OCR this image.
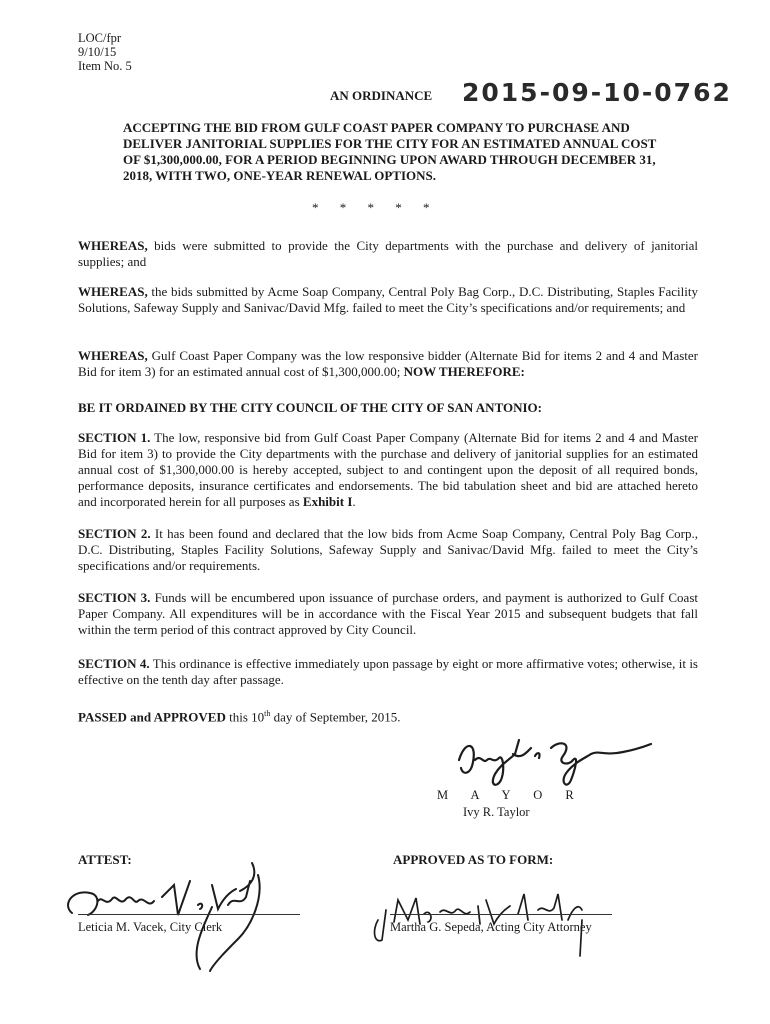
LOC/fpr
9/10/15
Item No. 5
AN ORDINANCE 2015-09-10-0762
ACCEPTING THE BID FROM GULF COAST PAPER COMPANY TO PURCHASE AND DELIVER JANITORIAL SUPPLIES FOR THE CITY FOR AN ESTIMATED ANNUAL COST OF $1,300,000.00, FOR A PERIOD BEGINNING UPON AWARD THROUGH DECEMBER 31, 2018, WITH TWO, ONE-YEAR RENEWAL OPTIONS.
* * * * *
WHEREAS, bids were submitted to provide the City departments with the purchase and delivery of janitorial supplies; and
WHEREAS, the bids submitted by Acme Soap Company, Central Poly Bag Corp., D.C. Distributing, Staples Facility Solutions, Safeway Supply and Sanivac/David Mfg. failed to meet the City’s specifications and/or requirements; and
WHEREAS, Gulf Coast Paper Company was the low responsive bidder (Alternate Bid for items 2 and 4 and Master Bid for item 3) for an estimated annual cost of $1,300,000.00; NOW THEREFORE:
BE IT ORDAINED BY THE CITY COUNCIL OF THE CITY OF SAN ANTONIO:
SECTION 1. The low, responsive bid from Gulf Coast Paper Company (Alternate Bid for items 2 and 4 and Master Bid for item 3) to provide the City departments with the purchase and delivery of janitorial supplies for an estimated annual cost of $1,300,000.00 is hereby accepted, subject to and contingent upon the deposit of all required bonds, performance deposits, insurance certificates and endorsements. The bid tabulation sheet and bid are attached hereto and incorporated herein for all purposes as Exhibit I.
SECTION 2. It has been found and declared that the low bids from Acme Soap Company, Central Poly Bag Corp., D.C. Distributing, Staples Facility Solutions, Safeway Supply and Sanivac/David Mfg. failed to meet the City’s specifications and/or requirements.
SECTION 3. Funds will be encumbered upon issuance of purchase orders, and payment is authorized to Gulf Coast Paper Company. All expenditures will be in accordance with the Fiscal Year 2015 and subsequent budgets that fall within the term period of this contract approved by City Council.
SECTION 4. This ordinance is effective immediately upon passage by eight or more affirmative votes; otherwise, it is effective on the tenth day after passage.
PASSED and APPROVED this 10th day of September, 2015.
M A Y O R
Ivy R. Taylor
ATTEST:
Leticia M. Vacek, City Clerk
APPROVED AS TO FORM:
Martha G. Sepeda, Acting City Attorney
